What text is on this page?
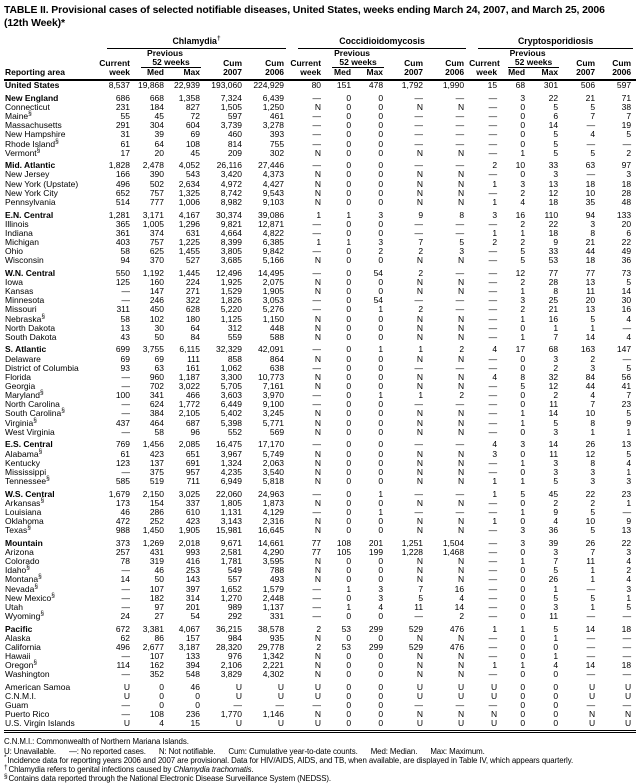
TABLE II. Provisional cases of selected notifiable diseases, United States, weeks ending March 24, 2007, and March 25, 2006
(12th Week)*

	Chlamydia†					Coccidioidomycosis					Cryptosporidiosis				

		Previous					Previous					Previous			
	Current	52 weeks		Cum	Cum	Current	52 weeks		Cum	Cum	Current	52 weeks		Cum	Cum
Reporting area	week	Med	Max	2007	2006	week	Med	Max	2007	2006	week	Med	Max	2007	2006
United States	8,537	19,868	22,939	193,060	224,929	80	151	478	1,792	1,990	15	68	301	506	597

New England	686	668	1,358	7,324	6,439	—	0	0	—	—	—	3	22	21	71
Connecticut	231	184	827	1,505	1,250	N	0	0	N	N	—	0	5	5	38
Maine§	55	45	72	597	461	—	0	0	—	—	—	0	6	7	7
Massachusetts	291	304	604	3,739	3,278	—	0	0	—	—	—	0	14	—	19
New Hampshire	31	39	69	460	393	—	0	0	—	—	—	0	5	4	5
Rhode Island§	61	64	108	814	755	—	0	0	—	—	—	0	5	—	—
Vermont§	17	20	45	209	302	N	0	0	N	N	—	1	5	5	2

Mid. Atlantic	1,828	2,478	4,052	26,116	27,446	—	0	0	—	—	2	10	33	63	97
New Jersey	166	390	543	3,420	4,373	N	0	0	N	N	—	0	3	—	3
New York (Upstate)	496	502	2,634	4,972	4,427	N	0	0	N	N	1	3	13	18	18
New York City	652	757	1,325	8,742	9,543	N	0	0	N	N	—	2	12	10	28
Pennsylvania	514	777	1,006	8,982	9,103	N	0	0	N	N	1	4	18	35	48

E.N. Central	1,281	3,171	4,167	30,374	39,086	1	1	3	9	8	3	16	110	94	133
Illinois	365	1,005	1,296	9,821	12,871	—	0	0	—	—	—	2	22	3	20
Indiana	361	374	631	4,664	4,822	—	0	0	—	—	1	1	18	8	6
Michigan	403	757	1,225	8,399	6,385	1	1	3	7	5	2	2	9	21	22
Ohio	58	625	1,455	3,805	9,842	—	0	2	2	3	—	5	33	44	49
Wisconsin	94	370	527	3,685	5,166	N	0	0	N	N	—	5	53	18	36

W.N. Central	550	1,192	1,445	12,496	14,495	—	0	54	2	—	—	12	77	77	73
Iowa	125	160	224	1,925	2,075	N	0	0	N	N	—	2	28	13	5
Kansas	—	147	271	1,529	1,905	N	0	0	N	N	—	1	8	11	14
Minnesota	—	246	322	1,826	3,053	—	0	54	—	—	—	3	25	20	30
Missouri	311	450	628	5,220	5,276	—	0	1	2	—	—	2	21	13	16
Nebraska§	58	102	180	1,125	1,150	N	0	0	N	N	—	1	16	5	4
North Dakota	13	30	64	312	448	N	0	0	N	N	—	0	1	1	—
South Dakota	43	50	84	559	588	N	0	0	N	N	—	1	7	14	4

S. Atlantic	699	3,755	6,115	32,329	42,091	—	0	1	1	2	4	17	68	163	147
Delaware	69	69	111	858	864	N	0	0	N	N	—	0	3	2	—
District of Columbia	93	63	161	1,062	638	—	0	0	—	—	—	0	2	3	5
Florida	—	960	1,187	3,300	10,773	N	0	0	N	N	4	8	32	84	56
Georgia	—	702	3,022	5,705	7,161	N	0	0	N	N	—	5	12	44	41
Maryland§	100	341	466	3,603	3,970	—	0	1	1	2	—	0	2	4	7
North Carolina	—	624	1,772	6,449	9,100	—	0	0	—	—	—	0	11	7	23
South Carolina§	—	384	2,105	5,402	3,245	N	0	0	N	N	—	1	14	10	5
Virginia§	437	464	687	5,398	5,771	N	0	0	N	N	—	1	5	8	9
West Virginia	—	58	96	552	569	N	0	0	N	N	—	0	3	1	1

E.S. Central	769	1,456	2,085	16,475	17,170	—	0	0	—	—	4	3	14	26	13
Alabama§	61	423	651	3,967	5,749	N	0	0	N	N	3	0	11	12	5
Kentucky	123	137	691	1,324	2,063	N	0	0	N	N	—	1	3	8	4
Mississippi	—	375	957	4,235	3,540	N	0	0	N	N	—	0	3	3	1
Tennessee§	585	519	711	6,949	5,818	N	0	0	N	N	1	1	5	3	3

W.S. Central	1,679	2,150	3,025	22,060	24,963	—	0	1	—	—	1	5	45	22	23
Arkansas§	173	154	337	1,805	1,873	N	0	0	N	N	—	0	2	2	1
Louisiana	46	286	610	1,131	4,129	—	0	1	—	—	—	1	9	5	—
Oklahoma	472	252	423	3,143	2,316	N	0	0	N	N	1	0	4	10	9
Texas§	988	1,450	1,905	15,981	16,645	N	0	0	N	N	—	3	36	5	13

Mountain	373	1,269	2,018	9,671	14,661	77	108	201	1,251	1,504	—	3	39	26	22
Arizona	257	431	993	2,581	4,290	77	105	199	1,228	1,468	—	0	3	7	3
Colorado	78	319	416	1,781	3,595	N	0	0	N	N	—	1	7	11	4
Idaho§	—	46	253	549	788	N	0	0	N	N	—	0	5	1	2
Montana§	14	50	143	557	493	N	0	0	N	N	—	0	26	1	4
Nevada§	—	107	397	1,652	1,579	—	1	3	7	16	—	0	1	—	3
New Mexico§	—	182	314	1,270	2,448	—	0	3	5	4	—	0	5	5	1
Utah	—	97	201	989	1,137	—	1	4	11	14	—	0	3	1	5
Wyoming§	24	27	54	292	331	—	0	0	—	2	—	0	11	—	—

Pacific	672	3,381	4,067	36,215	38,578	2	53	299	529	476	1	1	5	14	18
Alaska	62	86	157	984	935	N	0	0	N	N	—	0	1	—	—
California	496	2,677	3,187	28,320	29,778	2	53	299	529	476	—	0	0	—	—
Hawaii	—	107	133	976	1,342	N	0	0	N	N	—	0	1	—	—
Oregon§	114	162	394	2,106	2,221	N	0	0	N	N	1	1	4	14	18
Washington	—	352	548	3,829	4,302	N	0	0	N	N	—	0	0	—	—

American Samoa	U	0	46	U	U	U	0	0	U	U	U	0	0	U	U
C.N.M.I.	U	0	0	U	U	U	0	0	U	U	U	0	0	U	U
Guam	—	0	0	—	—	—	0	0	—	—	—	0	0	—	—
Puerto Rico	—	108	236	1,770	1,146	N	0	0	N	N	N	0	0	N	N
U.S. Virgin Islands	U	4	15	U	U	U	0	0	U	U	U	0	0	U	U
C.N.M.I.: Commonwealth of Northern Mariana Islands.
U: Unavailable. —: No reported cases. N: Not notifiable. Cum: Cumulative year-to-date counts. Med: Median. Max: Maximum.
*Incidence data for reporting years 2006 and 2007 are provisional. Data for HIV/AIDS, AIDS, and TB, when available, are displayed in Table IV, which appears quarterly.
†Chlamydia refers to genital infections caused by Chlamydia trachomatis.
§Contains data reported through the National Electronic Disease Surveillance System (NEDSS).
